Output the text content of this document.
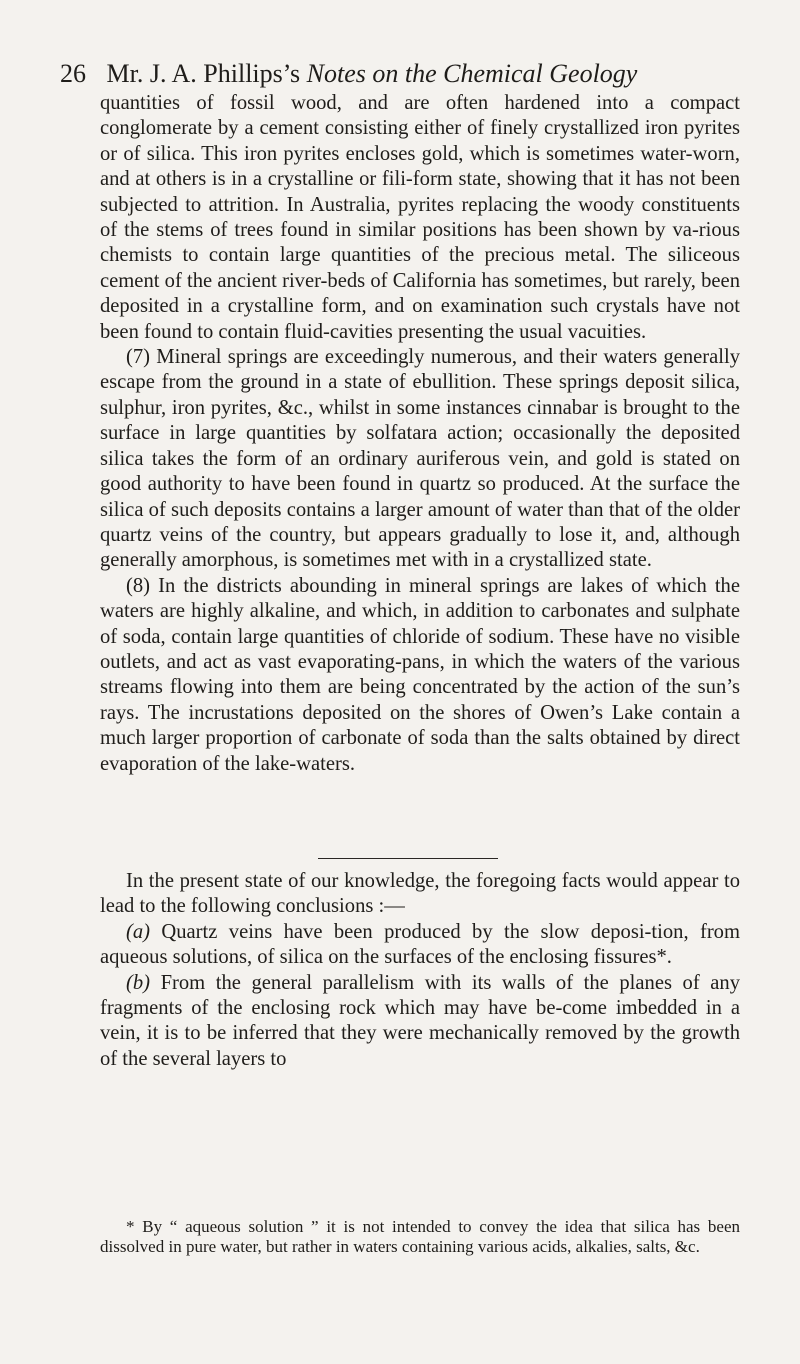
26 Mr. J. A. Phillips’s Notes on the Chemical Geology

quantities of fossil wood, and are often hardened into a compact conglomerate by a cement consisting either of finely crystallized iron pyrites or of silica. This iron pyrites encloses gold, which is sometimes water-worn, and at others is in a crystalline or fili-form state, showing that it has not been subjected to attrition. In Australia, pyrites replacing the woody constituents of the stems of trees found in similar positions has been shown by va-rious chemists to contain large quantities of the precious metal. The siliceous cement of the ancient river-beds of California has sometimes, but rarely, been deposited in a crystalline form, and on examination such crystals have not been found to contain fluid-cavities presenting the usual vacuities.

(7) Mineral springs are exceedingly numerous, and their waters generally escape from the ground in a state of ebullition. These springs deposit silica, sulphur, iron pyrites, &c., whilst in some instances cinnabar is brought to the surface in large quantities by solfatara action; occasionally the deposited silica takes the form of an ordinary auriferous vein, and gold is stated on good authority to have been found in quartz so produced. At the surface the silica of such deposits contains a larger amount of water than that of the older quartz veins of the country, but appears gradually to lose it, and, although generally amorphous, is sometimes met with in a crystallized state.

(8) In the districts abounding in mineral springs are lakes of which the waters are highly alkaline, and which, in addition to carbonates and sulphate of soda, contain large quantities of chloride of sodium. These have no visible outlets, and act as vast evaporating-pans, in which the waters of the various streams flowing into them are being concentrated by the action of the sun’s rays. The incrustations deposited on the shores of Owen’s Lake contain a much larger proportion of carbonate of soda than the salts obtained by direct evaporation of the lake-waters.

In the present state of our knowledge, the foregoing facts would appear to lead to the following conclusions :—

(a) Quartz veins have been produced by the slow deposi-tion, from aqueous solutions, of silica on the surfaces of the enclosing fissures*.

(b) From the general parallelism with its walls of the planes of any fragments of the enclosing rock which may have be-come imbedded in a vein, it is to be inferred that they were mechanically removed by the growth of the several layers to

* By “ aqueous solution ” it is not intended to convey the idea that silica has been dissolved in pure water, but rather in waters containing various acids, alkalies, salts, &c.
